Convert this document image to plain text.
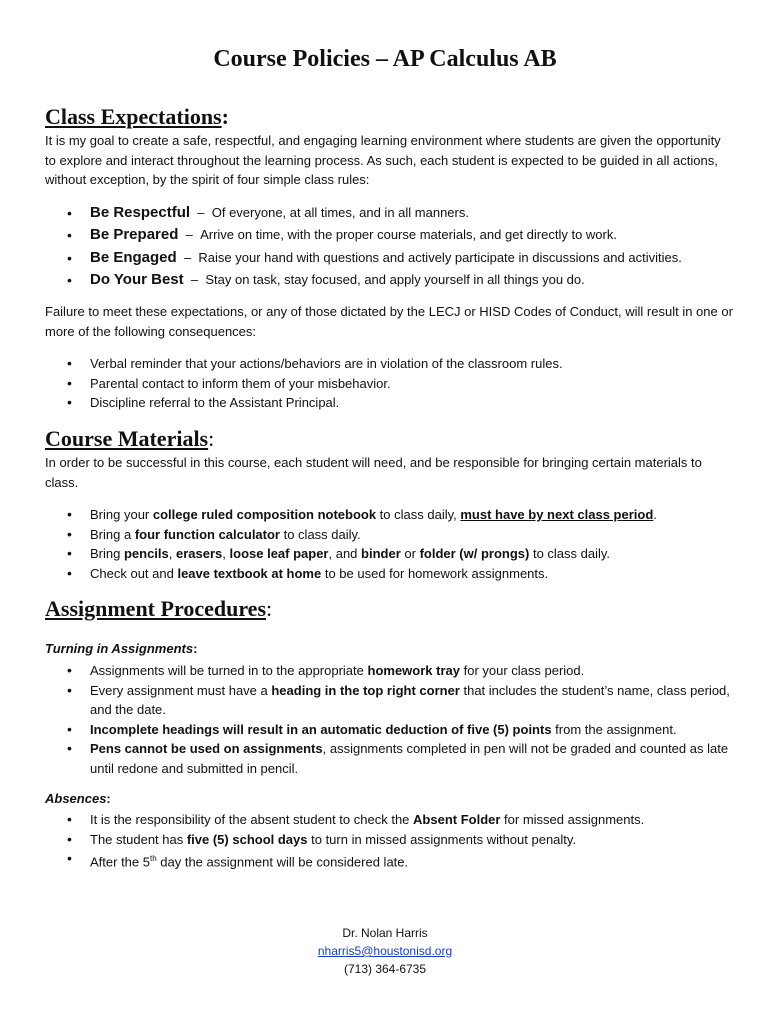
Course Policies – AP Calculus AB
Class Expectations:

It is my goal to create a safe, respectful, and engaging learning environment where students are given the opportunity to explore and interact throughout the learning process. As such, each student is expected to be guided in all actions, without exception, by the spirit of four simple class rules:

• Be Respectful – Of everyone, at all times, and in all manners.
• Be Prepared – Arrive on time, with the proper course materials, and get directly to work.
• Be Engaged – Raise your hand with questions and actively participate in discussions and activities.
• Do Your Best – Stay on task, stay focused, and apply yourself in all things you do.

Failure to meet these expectations, or any of those dictated by the LECJ or HISD Codes of Conduct, will result in one or more of the following consequences:

• Verbal reminder that your actions/behaviors are in violation of the classroom rules.
• Parental contact to inform them of your misbehavior.
• Discipline referral to the Assistant Principal.
Course Materials:

In order to be successful in this course, each student will need, and be responsible for bringing certain materials to class.

• Bring your college ruled composition notebook to class daily, must have by next class period.
• Bring a four function calculator to class daily.
• Bring pencils, erasers, loose leaf paper, and binder or folder (w/ prongs) to class daily.
• Check out and leave textbook at home to be used for homework assignments.
Assignment Procedures:
Turning in Assignments:
• Assignments will be turned in to the appropriate homework tray for your class period.
• Every assignment must have a heading in the top right corner that includes the student’s name, class period, and the date.
• Incomplete headings will result in an automatic deduction of five (5) points from the assignment.
• Pens cannot be used on assignments, assignments completed in pen will not be graded and counted as late until redone and submitted in pencil.
Absences:
• It is the responsibility of the absent student to check the Absent Folder for missed assignments.
• The student has five (5) school days to turn in missed assignments without penalty.
• After the 5th day the assignment will be considered late.
Dr. Nolan Harris
nharris5@houstonisd.org
(713) 364-6735
